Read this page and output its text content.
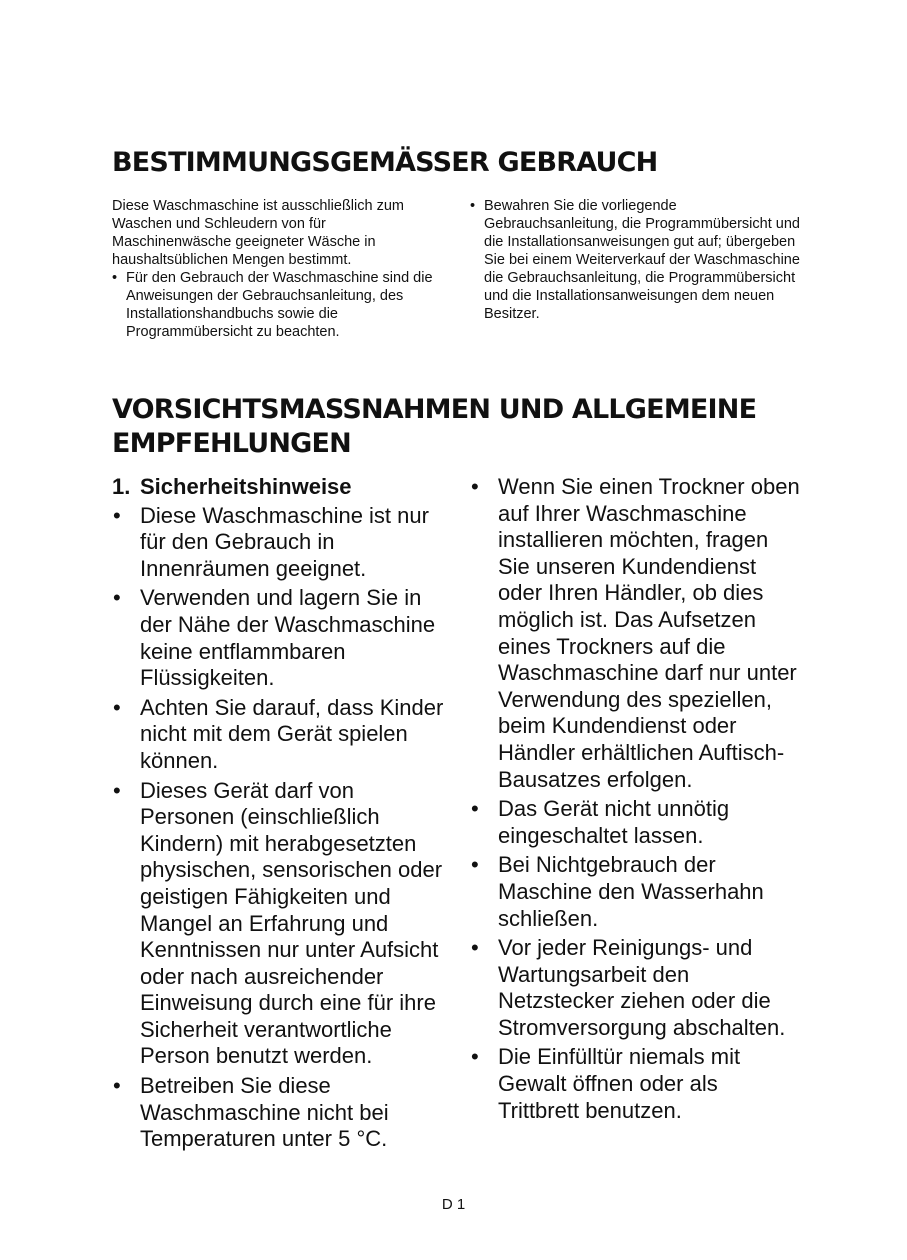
BESTIMMUNGSGEMÄSSER GEBRAUCH

Diese Waschmaschine ist ausschließlich zum Waschen und Schleudern von für Maschinenwäsche geeigneter Wäsche in haushaltsüblichen Mengen bestimmt.

• Für den Gebrauch der Waschmaschine sind die Anweisungen der Gebrauchsanleitung, des Installationshandbuchs sowie die Programmübersicht zu beachten.
• Bewahren Sie die vorliegende Gebrauchsanleitung, die Programmübersicht und die Installationsanweisungen gut auf; übergeben Sie bei einem Weiterverkauf der Waschmaschine die Gebrauchsanleitung, die Programmübersicht und die Installationsanweisungen dem neuen Besitzer.
VORSICHTSMASSNAHMEN UND ALLGEMEINE
EMPFEHLUNGEN
1. Sicherheitshinweise
• Diese Waschmaschine ist nur für den Gebrauch in Innenräumen geeignet.
• Verwenden und lagern Sie in der Nähe der Waschmaschine keine entflammbaren Flüssigkeiten.
• Achten Sie darauf, dass Kinder nicht mit dem Gerät spielen können.
• Dieses Gerät darf von Personen (einschließlich Kindern) mit herabgesetzten physischen, sensorischen oder geistigen Fähigkeiten und Mangel an Erfahrung und Kenntnissen nur unter Aufsicht oder nach ausreichender Einweisung durch eine für ihre Sicherheit verantwortliche Person benutzt werden.
• Betreiben Sie diese Waschmaschine nicht bei Temperaturen unter 5 °C.
• Wenn Sie einen Trockner oben auf Ihrer Waschmaschine installieren möchten, fragen Sie unseren Kundendienst oder Ihren Händler, ob dies möglich ist. Das Aufsetzen eines Trockners auf die Waschmaschine darf nur unter Verwendung des speziellen, beim Kundendienst oder Händler erhältlichen Auftisch-Bausatzes erfolgen.
• Das Gerät nicht unnötig eingeschaltet lassen.
• Bei Nichtgebrauch der Maschine den Wasserhahn schließen.
• Vor jeder Reinigungs- und Wartungsarbeit den Netzstecker ziehen oder die Stromversorgung abschalten.
• Die Einfülltür niemals mit Gewalt öffnen oder als Trittbrett benutzen.
D 1
